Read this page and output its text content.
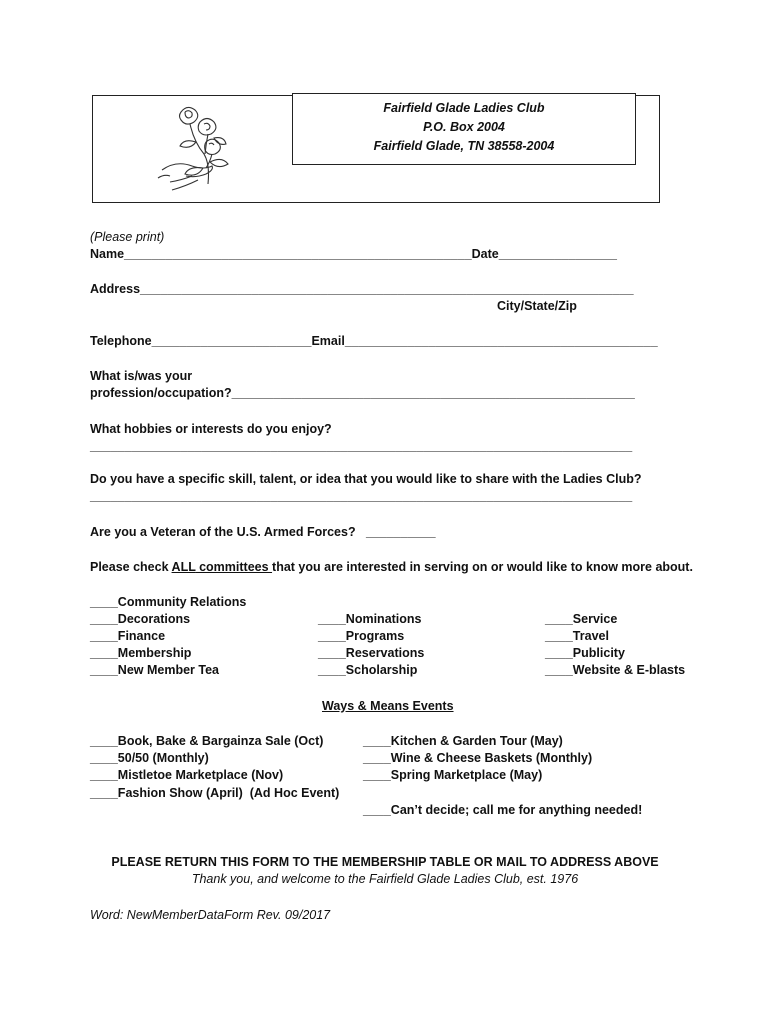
Fairfield Glade Ladies Club
P.O. Box 2004
Fairfield Glade, TN 38558-2004
(Please print)
Name__________________________________________________Date_________________
Address_______________________________________________________________________
City/State/Zip
Telephone_______________________Email_____________________________________________
What is/was your
profession/occupation?__________________________________________________________
What hobbies or interests do you enjoy?
______________________________________________________________________________
Do you have a specific skill, talent, or idea that you would like to share with the Ladies Club?
______________________________________________________________________________
Are you a Veteran of the U.S. Armed Forces?   __________
Please check ALL committees that you are interested in serving on or would like to know more about.
____Community Relations
____Decorations
____Finance
____Membership
____New Member Tea
____Nominations
____Programs
____Reservations
____Scholarship
____Service
____Travel
____Publicity
____Website & E-blasts
Ways & Means Events
____Book, Bake & Bargainza Sale (Oct)
____50/50 (Monthly)
____Mistletoe Marketplace (Nov)
____Fashion Show (April)  (Ad Hoc Event)
____Kitchen & Garden Tour (May)
____Wine & Cheese Baskets (Monthly)
____Spring Marketplace (May)
____Can’t decide; call me for anything needed!
PLEASE RETURN THIS FORM TO THE MEMBERSHIP TABLE OR MAIL TO ADDRESS ABOVE
Thank you, and welcome to the Fairfield Glade Ladies Club, est. 1976
Word: NewMemberDataForm Rev. 09/2017
